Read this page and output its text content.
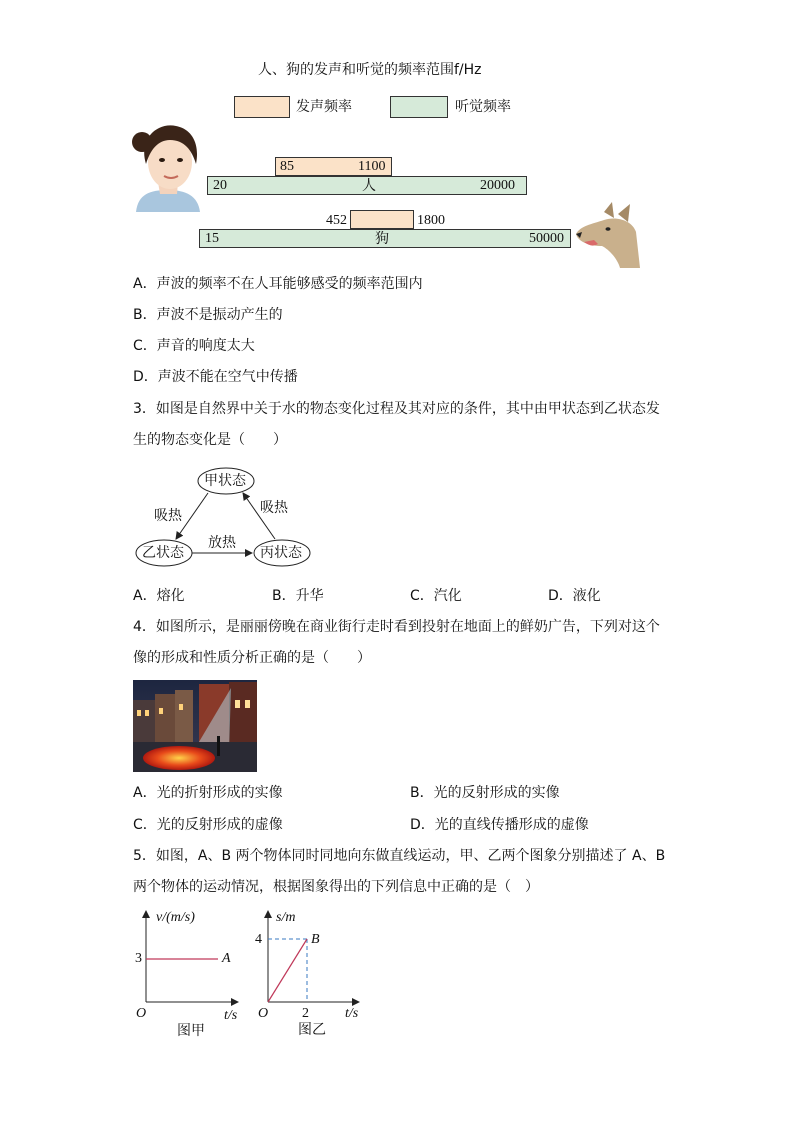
人、狗的发声和听觉的频率范围f/Hz
发声频率	听觉频率
85	1100
20	人	20000
452	1800
15	狗	50000
A．声波的频率不在人耳能够感受的频率范围内
B．声波不是振动产生的
C．声音的响度太大
D．声波不能在空气中传播
3．如图是自然界中关于水的物态变化过程及其对应的条件，其中由甲状态到乙状态发
生的物态变化是（　　）
甲状态
乙状态	丙状态
吸热	吸热
放热
A．熔化	B．升华	C．汽化	D．液化
4．如图所示，是丽丽傍晚在商业街行走时看到投射在地面上的鲜奶广告，下列对这个
像的形成和性质分析正确的是（　　）
A．光的折射形成的实像	B．光的反射形成的实像
C．光的反射形成的虚像	D．光的直线传播形成的虚像
5．如图，A、B 两个物体同时同地向东做直线运动，甲、乙两个图象分别描述了 A、B
两个物体的运动情况，根据图象得出的下列信息中正确的是（　）
v/(m/s)
3	A
O	t/s
图甲
s/m
4	B
O 2	t/s
图乙
